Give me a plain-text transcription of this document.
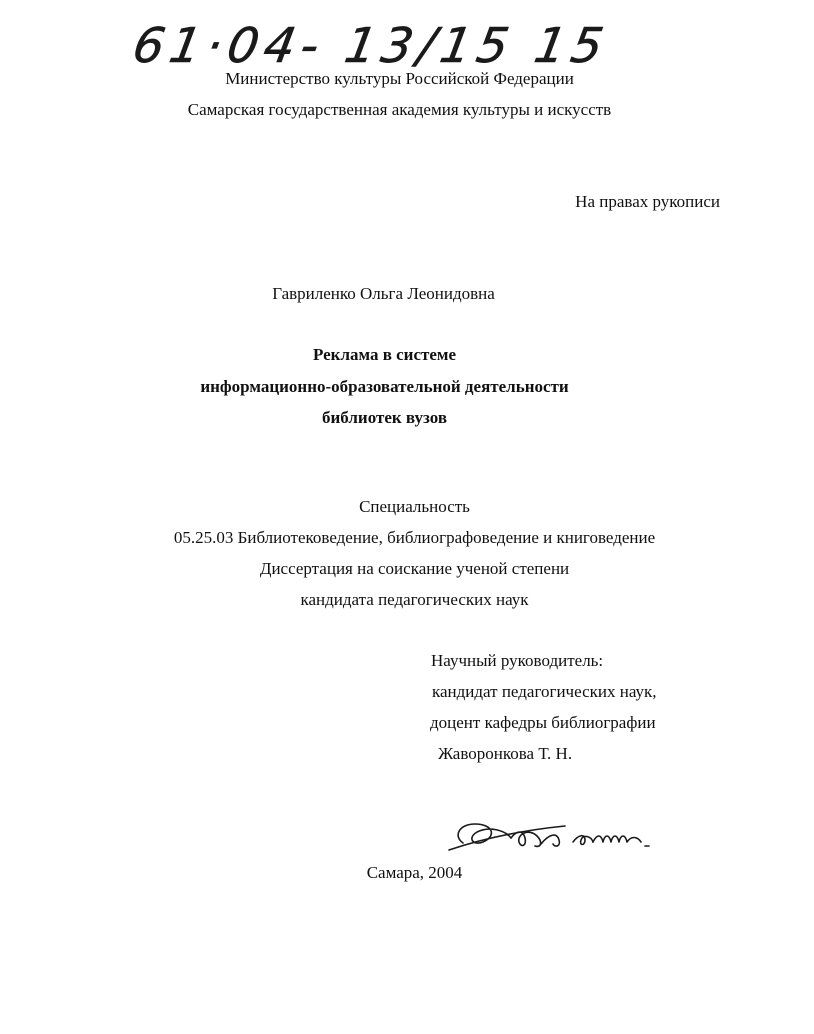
61·04- 13/15 15
Министерство культуры Российской Федерации
Самарская государственная академия культуры и искусств
На правах рукописи
Гавриленко Ольга Леонидовна
Реклама в системе
информационно-образовательной деятельности
библиотек вузов
Специальность
05.25.03 Библиотековедение, библиографоведение и книговедение
Диссертация на соискание ученой степени
кандидата педагогических наук
Научный руководитель:
кандидат педагогических наук,
доцент кафедры библиографии
Жаворонкова Т. Н.
Самара, 2004
